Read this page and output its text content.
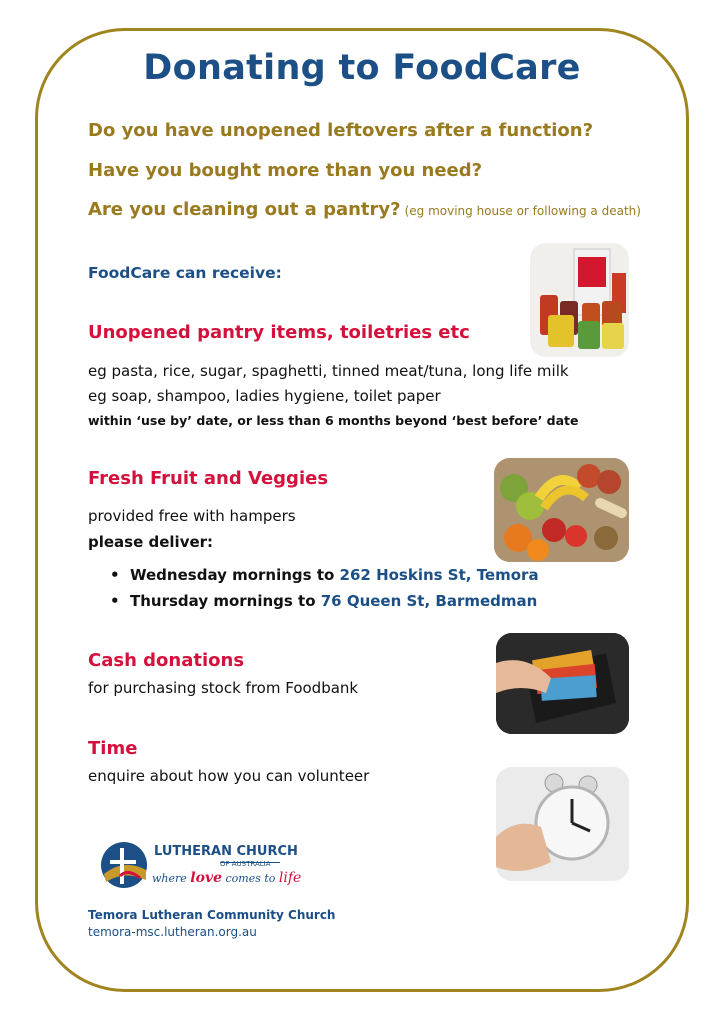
Donating to FoodCare
Do you have unopened leftovers after a function?
Have you bought more than you need?
Are you cleaning out a pantry? (eg moving house or following a death)
FoodCare can receive:
Unopened pantry items, toiletries etc
eg pasta, rice, sugar, spaghetti, tinned meat/tuna, long life milk
eg soap, shampoo, ladies hygiene, toilet paper
within ‘use by’ date, or less than 6 months beyond ‘best before’ date
Fresh Fruit and Veggies
provided free with hampers
please deliver:
• Wednesday mornings to 262 Hoskins St, Temora
• Thursday mornings to 76 Queen St, Barmedman
Cash donations
for purchasing stock from Foodbank
Time
enquire about how you can volunteer
LUTHERAN CHURCH
OF AUSTRALIA
where love comes to life
Temora Lutheran Community Church
temora-msc.lutheran.org.au
